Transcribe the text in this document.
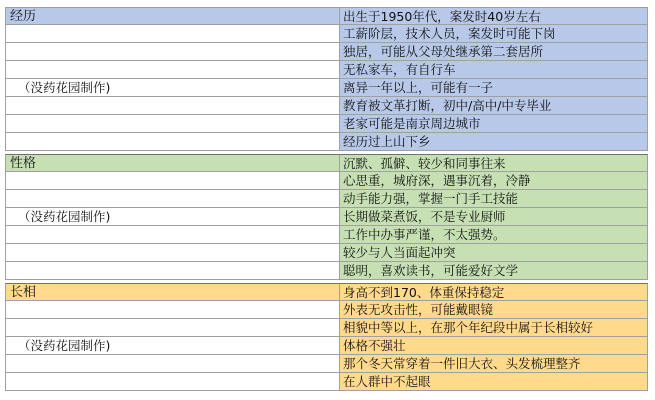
经历	出生于1950年代，案发时40岁左右
工薪阶层，技术人员，案发时可能下岗
独居，可能从父母处继承第二套居所
无私家车，有自行车
（没药花园制作)	离异一年以上，可能有一子
教育被文革打断，初中/高中/中专毕业
老家可能是南京周边城市
经历过上山下乡
性格	沉默、孤僻、较少和同事往来
心思重，城府深，遇事沉着，冷静
动手能力强，掌握一门手工技能
（没药花园制作)	长期做菜煮饭，不是专业厨师
工作中办事严谨，不太强势。
较少与人当面起冲突
聪明，喜欢读书，可能爱好文学
长相	身高不到170、体重保持稳定
外表无攻击性，可能戴眼镜
相貌中等以上，在那个年纪段中属于长相较好
（没药花园制作)	体格不强壮
那个冬天常穿着一件旧大衣、头发梳理整齐
在人群中不起眼
